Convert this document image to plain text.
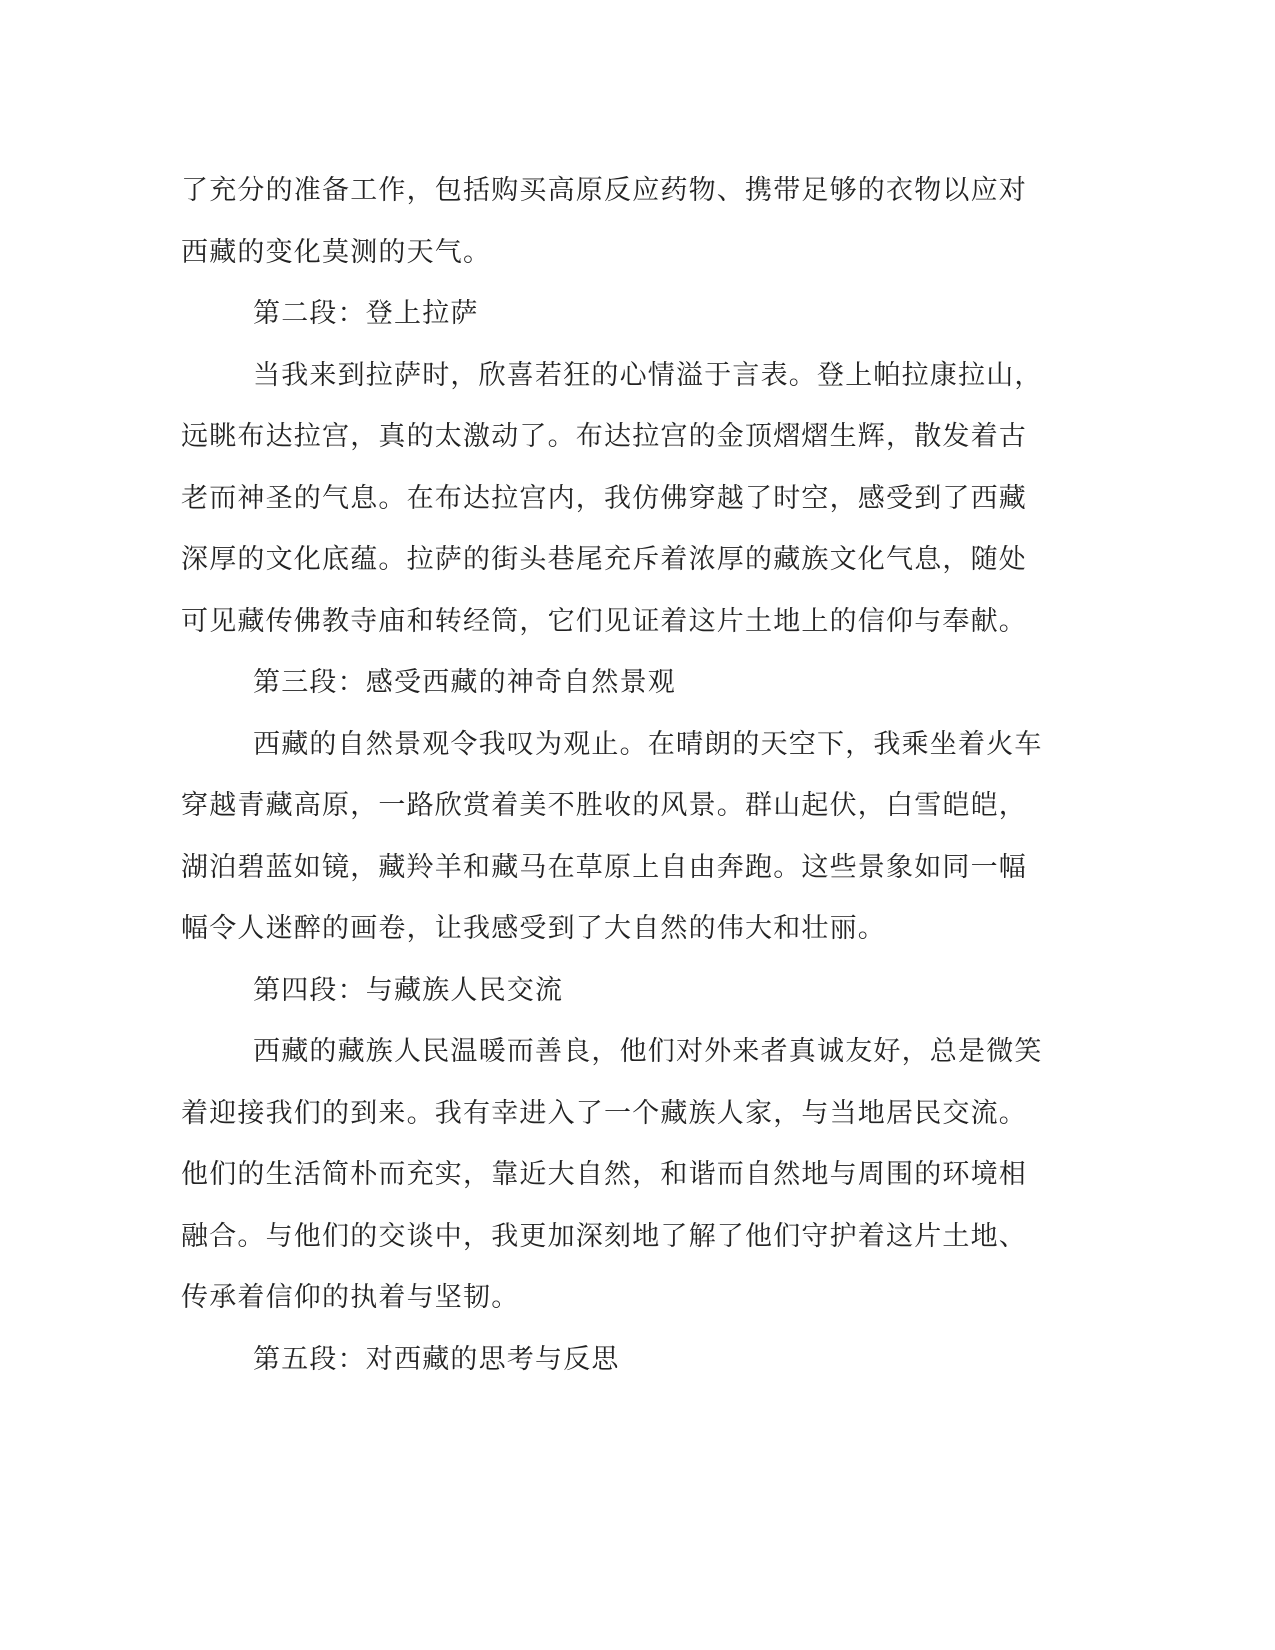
了充分的准备工作，包括购买高原反应药物、携带足够的衣物以应对
西藏的变化莫测的天气。

第二段：登上拉萨

当我来到拉萨时，欣喜若狂的心情溢于言表。登上帕拉康拉山，
远眺布达拉宫，真的太激动了。布达拉宫的金顶熠熠生辉，散发着古
老而神圣的气息。在布达拉宫内，我仿佛穿越了时空，感受到了西藏
深厚的文化底蕴。拉萨的街头巷尾充斥着浓厚的藏族文化气息，随处
可见藏传佛教寺庙和转经筒，它们见证着这片土地上的信仰与奉献。

第三段：感受西藏的神奇自然景观

西藏的自然景观令我叹为观止。在晴朗的天空下，我乘坐着火车
穿越青藏高原，一路欣赏着美不胜收的风景。群山起伏，白雪皑皑，
湖泊碧蓝如镜，藏羚羊和藏马在草原上自由奔跑。这些景象如同一幅
幅令人迷醉的画卷，让我感受到了大自然的伟大和壮丽。

第四段：与藏族人民交流

西藏的藏族人民温暖而善良，他们对外来者真诚友好，总是微笑
着迎接我们的到来。我有幸进入了一个藏族人家，与当地居民交流。
他们的生活简朴而充实，靠近大自然，和谐而自然地与周围的环境相
融合。与他们的交谈中，我更加深刻地了解了他们守护着这片土地、
传承着信仰的执着与坚韧。

第五段：对西藏的思考与反思
